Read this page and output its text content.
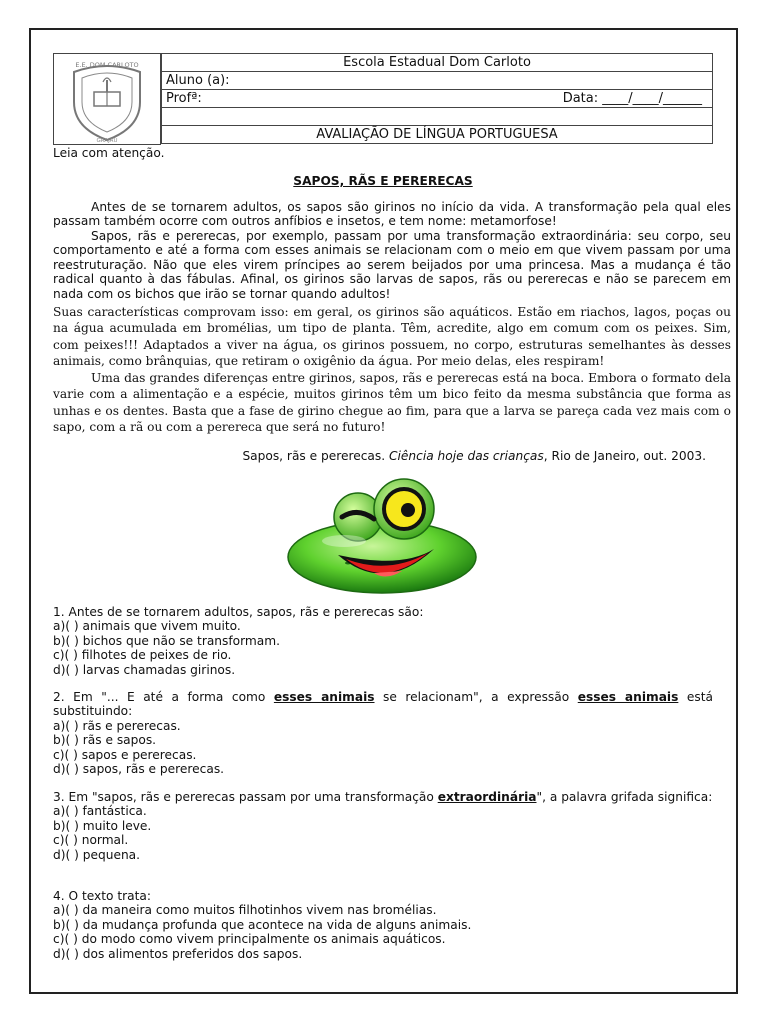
E.E. DOM CARLOTO
GRAJAÚ
Escola Estadual Dom Carloto
Aluno (a):
Profª:	Data: ____/____/______

AVALIAÇÃO DE LÍNGUA PORTUGUESA

Leia com atenção.

SAPOS, RÃS E PERERECAS

Antes de se tornarem adultos, os sapos são girinos no início da vida. A transformação pela qual eles passam também ocorre com outros anfíbios e insetos, e tem nome: metamorfose!

Sapos, rãs e pererecas, por exemplo, passam por uma transformação extraordinária: seu corpo, seu comportamento e até a forma com esses animais se relacionam com o meio em que vivem passam por uma reestruturação. Não que eles virem príncipes ao serem beijados por uma princesa. Mas a mudança é tão radical quanto à das fábulas. Afinal, os girinos são larvas de sapos, rãs ou pererecas e não se parecem em nada com os bichos que irão se tornar quando adultos!

Suas características comprovam isso: em geral, os girinos são aquáticos. Estão em riachos, lagos, poças ou na água acumulada em bromélias, um tipo de planta. Têm, acredite, algo em comum com os peixes. Sim, com peixes!!! Adaptados a viver na água, os girinos possuem, no corpo, estruturas semelhantes às desses animais, como brânquias, que retiram o oxigênio da água. Por meio delas, eles respiram!

Uma das grandes diferenças entre girinos, sapos, rãs e pererecas está na boca. Embora o formato dela varie com a alimentação e a espécie, muitos girinos têm um bico feito da mesma substância que forma as unhas e os dentes. Basta que a fase de girino chegue ao fim, para que a larva se pareça cada vez mais com o sapo, com a rã ou com a perereca que será no futuro!

Sapos, rãs e pererecas. Ciência hoje das crianças, Rio de Janeiro, out. 2003.

1. Antes de se tornarem adultos, sapos, rãs e pererecas são:

a)( ) animais que vivem muito.

b)( ) bichos que não se transformam.

c)( ) filhotes de peixes de rio.

d)( ) larvas chamadas girinos.

2. Em "... E até a forma como esses animais se relacionam", a expressão esses animais está substituindo:

a)( ) rãs e pererecas.

b)( ) rãs e sapos.

c)( ) sapos e pererecas.

d)( ) sapos, rãs e pererecas.

3. Em "sapos, rãs e pererecas passam por uma transformação extraordinária", a palavra grifada significa:

a)( ) fantástica.

b)( ) muito leve.

c)( ) normal.

d)( ) pequena.

4. O texto trata:

a)( ) da maneira como muitos filhotinhos vivem nas bromélias.

b)( ) da mudança profunda que acontece na vida de alguns animais.

c)( ) do modo como vivem principalmente os animais aquáticos.

d)( ) dos alimentos preferidos dos sapos.
